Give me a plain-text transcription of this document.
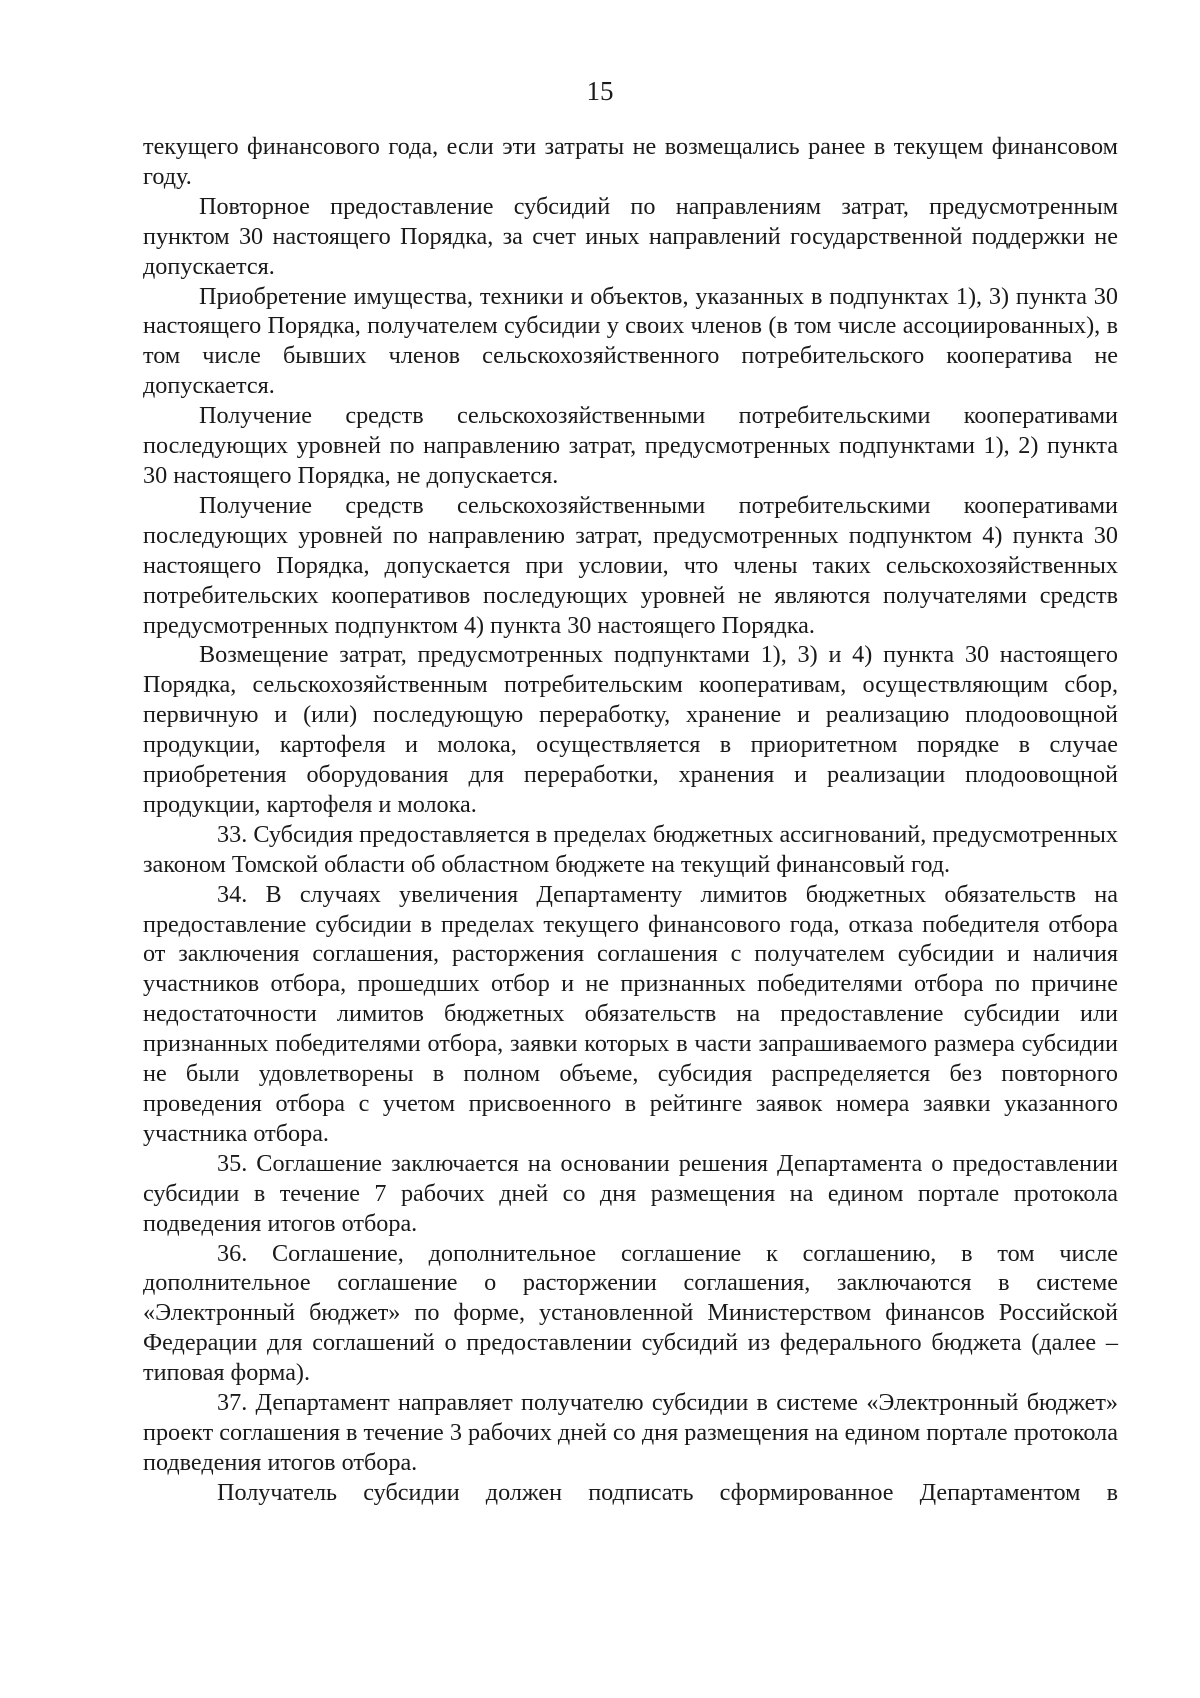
15

текущего финансового года, если эти затраты не возмещались ранее в текущем финансовом году.

Повторное предоставление субсидий по направлениям затрат, предусмотренным пунктом 30 настоящего Порядка, за счет иных направлений государственной поддержки не допускается.

Приобретение имущества, техники и объектов, указанных в подпунктах 1), 3) пункта 30 настоящего Порядка, получателем субсидии у своих членов (в том числе ассоциированных), в том числе бывших членов сельскохозяйственного потребительского кооператива не допускается.

Получение средств сельскохозяйственными потребительскими кооперативами последующих уровней по направлению затрат, предусмотренных подпунктами 1), 2) пункта 30 настоящего Порядка, не допускается.

Получение средств сельскохозяйственными потребительскими кооперативами последующих уровней по направлению затрат, предусмотренных подпунктом 4) пункта 30 настоящего Порядка, допускается при условии, что члены таких сельскохозяйственных потребительских кооперативов последующих уровней не являются получателями средств предусмотренных подпунктом 4) пункта 30 настоящего Порядка.

Возмещение затрат, предусмотренных подпунктами 1), 3) и 4) пункта 30 настоящего Порядка, сельскохозяйственным потребительским кооперативам, осуществляющим сбор, первичную и (или) последующую переработку, хранение и реализацию плодоовощной продукции, картофеля и молока, осуществляется в приоритетном порядке в случае приобретения оборудования для переработки, хранения и реализации плодоовощной продукции, картофеля и молока.

33. Субсидия предоставляется в пределах бюджетных ассигнований, предусмотренных законом Томской области об областном бюджете на текущий финансовый год.

34. В случаях увеличения Департаменту лимитов бюджетных обязательств на предоставление субсидии в пределах текущего финансового года, отказа победителя отбора от заключения соглашения, расторжения соглашения с получателем субсидии и наличия участников отбора, прошедших отбор и не признанных победителями отбора по причине недостаточности лимитов бюджетных обязательств на предоставление субсидии или признанных победителями отбора, заявки которых в части запрашиваемого размера субсидии не были удовлетворены в полном объеме, субсидия распределяется без повторного проведения отбора с учетом присвоенного в рейтинге заявок номера заявки указанного участника отбора.

35. Соглашение заключается на основании решения Департамента о предоставлении субсидии в течение 7 рабочих дней со дня размещения на едином портале протокола подведения итогов отбора.

36. Соглашение, дополнительное соглашение к соглашению, в том числе дополнительное соглашение о расторжении соглашения, заключаются в системе «Электронный бюджет» по форме, установленной Министерством финансов Российской Федерации для соглашений о предоставлении субсидий из федерального бюджета (далее – типовая форма).

37. Департамент направляет получателю субсидии в системе «Электронный бюджет» проект соглашения в течение 3 рабочих дней со дня размещения на едином портале протокола подведения итогов отбора.

Получатель субсидии должен подписать сформированное Департаментом в
